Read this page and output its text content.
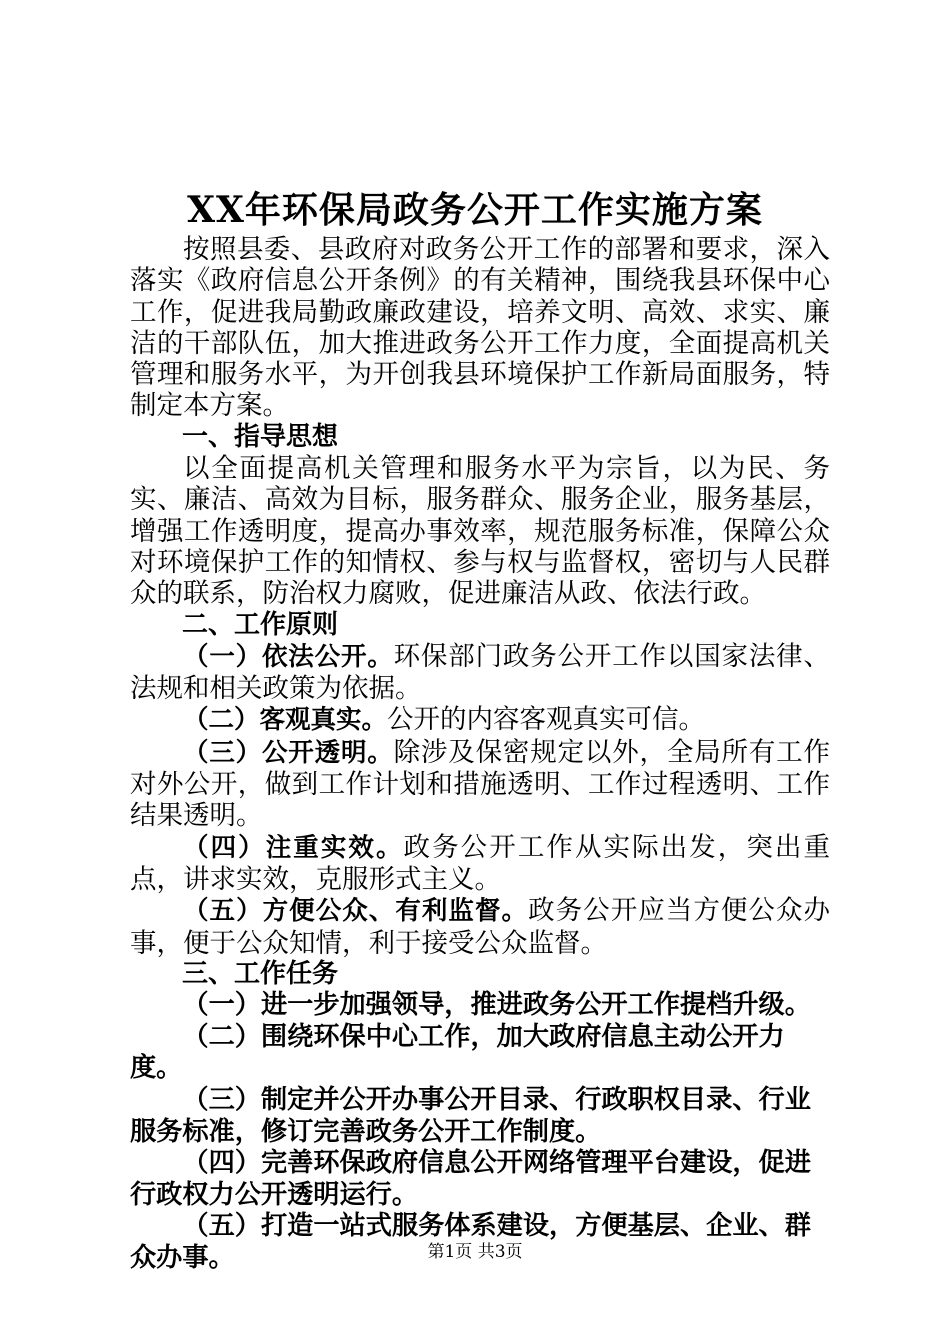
XX年环保局政务公开工作实施方案

按照县委、县政府对政务公开工作的部署和要求，深入落实《政府信息公开条例》的有关精神，围绕我县环保中心工作，促进我局勤政廉政建设，培养文明、高效、求实、廉洁的干部队伍，加大推进政务公开工作力度，全面提高机关管理和服务水平，为开创我县环境保护工作新局面服务，特制定本方案。

一、指导思想

以全面提高机关管理和服务水平为宗旨，以为民、务实、廉洁、高效为目标，服务群众、服务企业，服务基层，增强工作透明度，提高办事效率，规范服务标准，保障公众对环境保护工作的知情权、参与权与监督权，密切与人民群众的联系，防治权力腐败，促进廉洁从政、依法行政。

二、工作原则

（一）依法公开。环保部门政务公开工作以国家法律、法规和相关政策为依据。

（二）客观真实。公开的内容客观真实可信。

（三）公开透明。除涉及保密规定以外，全局所有工作对外公开，做到工作计划和措施透明、工作过程透明、工作结果透明。

（四）注重实效。政务公开工作从实际出发，突出重点，讲求实效，克服形式主义。

（五）方便公众、有利监督。政务公开应当方便公众办事，便于公众知情，利于接受公众监督。

三、工作任务

（一）进一步加强领导，推进政务公开工作提档升级。

（二）围绕环保中心工作，加大政府信息主动公开力度。

（三）制定并公开办事公开目录、行政职权目录、行业服务标准，修订完善政务公开工作制度。

（四）完善环保政府信息公开网络管理平台建设，促进行政权力公开透明运行。

（五）打造一站式服务体系建设，方便基层、企业、群众办事。	第1页 共3页
